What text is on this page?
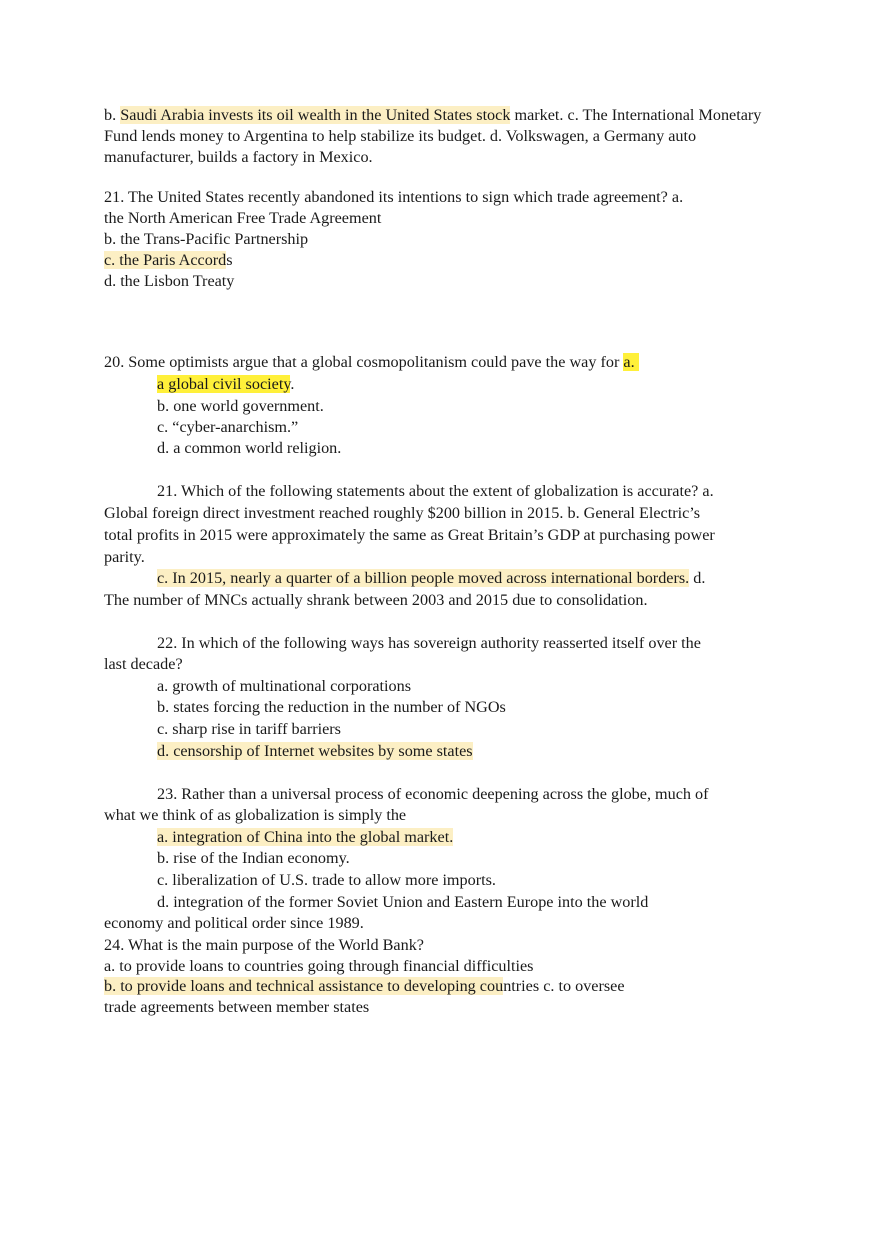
b. Saudi Arabia invests its oil wealth in the United States stock market. c. The International Monetary
Fund lends money to Argentina to help stabilize its budget. d. Volkswagen, a Germany auto
manufacturer, builds a factory in Mexico.
21. The United States recently abandoned its intentions to sign which trade agreement? a.
the North American Free Trade Agreement
b. the Trans-Pacific Partnership
c. the Paris Accords
d. the Lisbon Treaty
20. Some optimists argue that a global cosmopolitanism could pave the way for a.
a global civil society.
b. one world government.
c. “cyber-anarchism.”
d. a common world religion.
21. Which of the following statements about the extent of globalization is accurate? a.
Global foreign direct investment reached roughly $200 billion in 2015. b. General Electric’s
total profits in 2015 were approximately the same as Great Britain’s GDP at purchasing power
parity.
c. In 2015, nearly a quarter of a billion people moved across international borders. d.
The number of MNCs actually shrank between 2003 and 2015 due to consolidation.
22. In which of the following ways has sovereign authority reasserted itself over the
last decade?
a. growth of multinational corporations
b. states forcing the reduction in the number of NGOs
c. sharp rise in tariff barriers
d. censorship of Internet websites by some states
23. Rather than a universal process of economic deepening across the globe, much of
what we think of as globalization is simply the
a. integration of China into the global market.
b. rise of the Indian economy.
c. liberalization of U.S. trade to allow more imports.
d. integration of the former Soviet Union and Eastern Europe into the world
economy and political order since 1989.
24. What is the main purpose of the World Bank?
a. to provide loans to countries going through financial difficulties
b. to provide loans and technical assistance to developing countries c. to oversee
trade agreements between member states
